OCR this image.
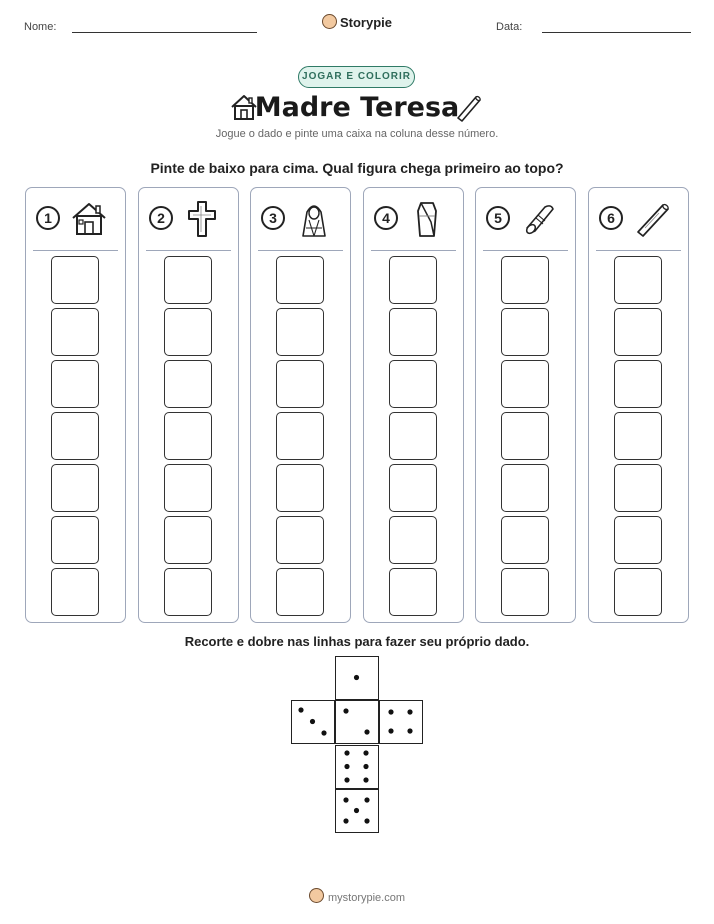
Nome:	Storypie	Data:
JOGAR E COLORIR
Madre Teresa
Jogue o dado e pinte uma caixa na coluna desse número.
Pinte de baixo para cima. Qual figura chega primeiro ao topo?
1	2	3	4	5	6
Recorte e dobre nas linhas para fazer seu próprio dado.
mystorypie.com
